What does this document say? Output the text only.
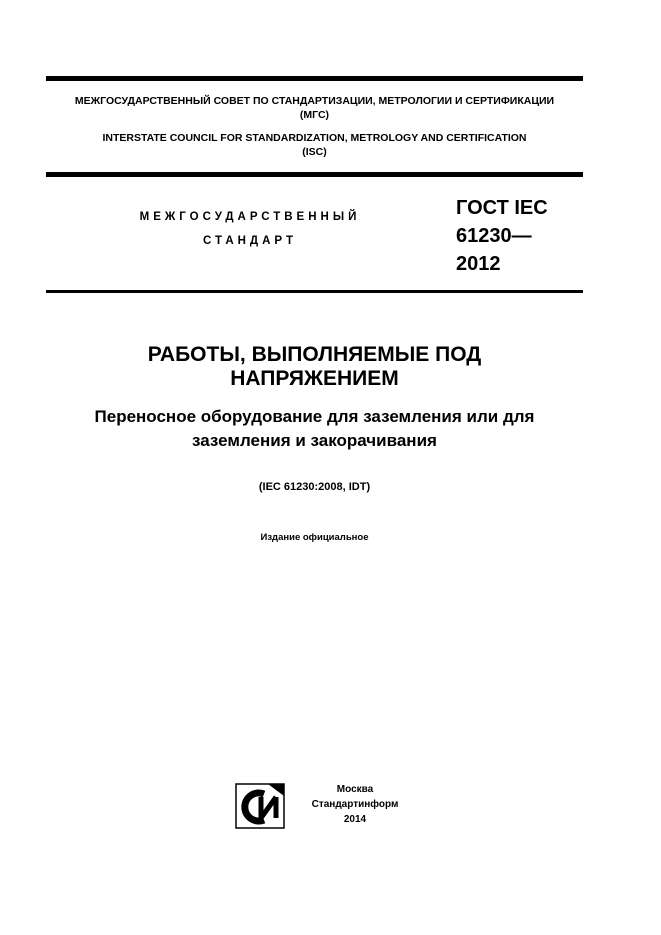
МЕЖГОСУДАРСТВЕННЫЙ СОВЕТ ПО СТАНДАРТИЗАЦИИ, МЕТРОЛОГИИ И СЕРТИФИКАЦИИ
(МГС)
INTERSTATE COUNCIL FOR STANDARDIZATION, METROLOGY AND CERTIFICATION
(ISC)
МЕЖГОСУДАРСТВЕННЫЙ
СТАНДАРТ
ГОСТ IEC
61230—
2012
РАБОТЫ, ВЫПОЛНЯЕМЫЕ ПОД
НАПРЯЖЕНИЕМ
Переносное оборудование для заземления или для
заземления и закорачивания
(IEC 61230:2008, IDT)
Издание официальное
Москва
Стандартинформ
2014
